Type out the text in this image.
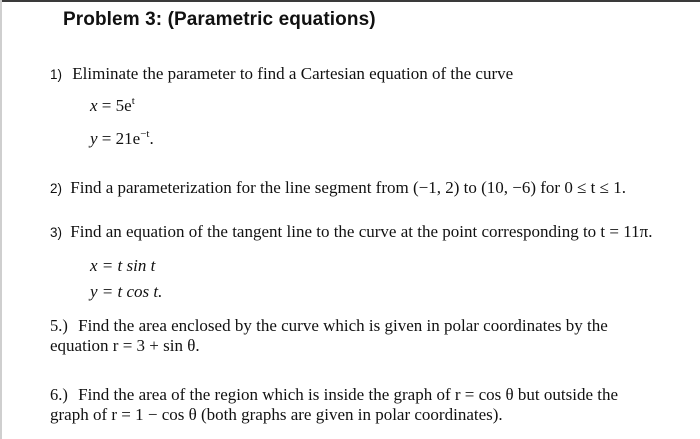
Problem 3: (Parametric equations)
1) Eliminate the parameter to find a Cartesian equation of the curve
$x = 5e^t$
$y = 21e^{-t}$.
2) Find a parameterization for the line segment from (−1, 2) to (10, −6) for 0 ≤ t ≤ 1.
3) Find an equation of the tangent line to the curve at the point corresponding to t = 11π.
x = t sin t
y = t cos t.
5.) Find the area enclosed by the curve which is given in polar coordinates by the
equation r = 3 + sin θ.
6.) Find the area of the region which is inside the graph of r = cos θ but outside the
graph of r = 1 − cos θ (both graphs are given in polar coordinates).
